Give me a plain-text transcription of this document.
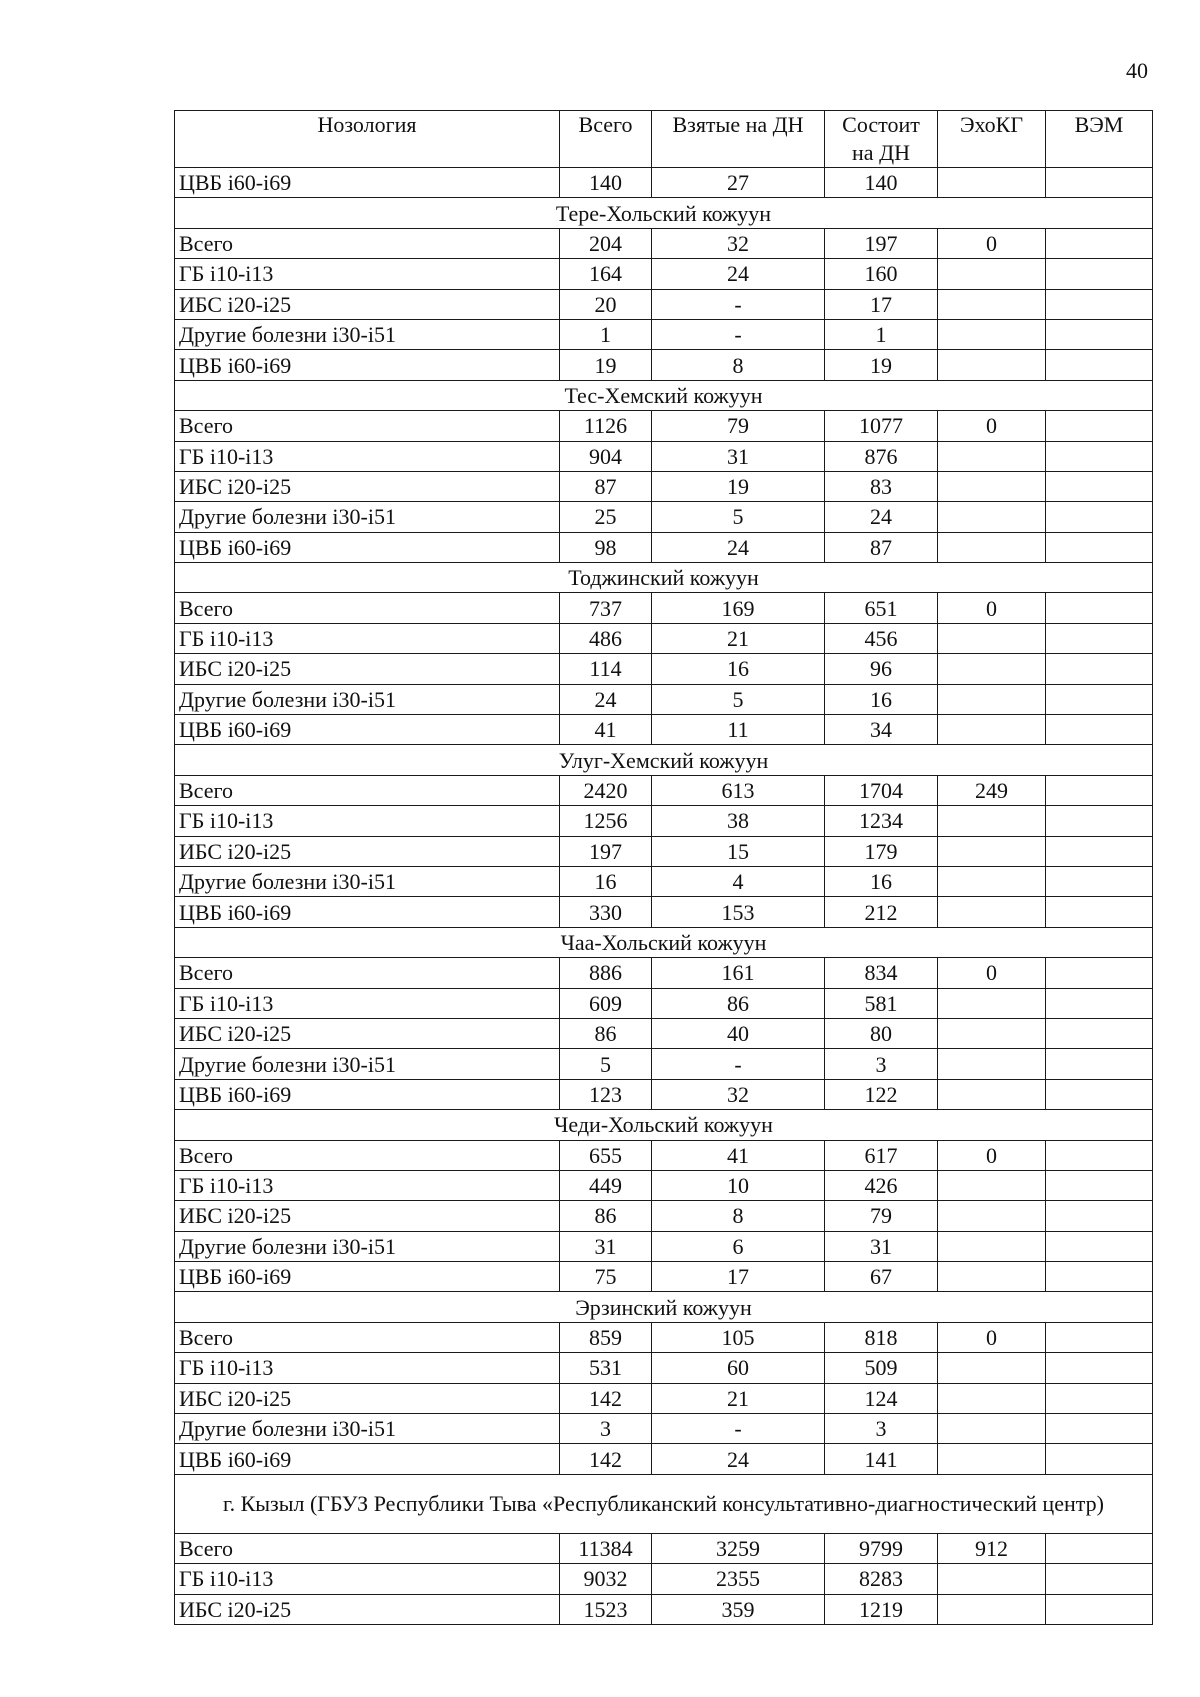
40
Нозология	Всего	Взятые на ДН	Состоит на ДН	ЭхоКГ	ВЭМ
ЦВБ i60-i69	140	27	140		
Тере-Хольский кожуун					
Всего	204	32	197	0	
ГБ i10-i13	164	24	160		
ИБС i20-i25	20	-	17		
Другие болезни i30-i51	1	-	1		
ЦВБ i60-i69	19	8	19		
Тес-Хемский кожуун					
Всего	1126	79	1077	0	
ГБ i10-i13	904	31	876		
ИБС i20-i25	87	19	83		
Другие болезни i30-i51	25	5	24		
ЦВБ i60-i69	98	24	87		
Тоджинский кожуун					
Всего	737	169	651	0	
ГБ i10-i13	486	21	456		
ИБС i20-i25	114	16	96		
Другие болезни i30-i51	24	5	16		
ЦВБ i60-i69	41	11	34		
Улуг-Хемский кожуун					
Всего	2420	613	1704	249	
ГБ i10-i13	1256	38	1234		
ИБС i20-i25	197	15	179		
Другие болезни i30-i51	16	4	16		
ЦВБ i60-i69	330	153	212		
Чаа-Хольский кожуун					
Всего	886	161	834	0	
ГБ i10-i13	609	86	581		
ИБС i20-i25	86	40	80		
Другие болезни i30-i51	5	-	3		
ЦВБ i60-i69	123	32	122		
Чеди-Хольский кожуун					
Всего	655	41	617	0	
ГБ i10-i13	449	10	426		
ИБС i20-i25	86	8	79		
Другие болезни i30-i51	31	6	31		
ЦВБ i60-i69	75	17	67		
Эрзинский кожуун					
Всего	859	105	818	0	
ГБ i10-i13	531	60	509		
ИБС i20-i25	142	21	124		
Другие болезни i30-i51	3	-	3		
ЦВБ i60-i69	142	24	141		
г. Кызыл (ГБУЗ Республики Тыва «Республиканский консультативно-диагностический центр)					
Всего	11384	3259	9799	912	
ГБ i10-i13	9032	2355	8283		
ИБС i20-i25	1523	359	1219		
